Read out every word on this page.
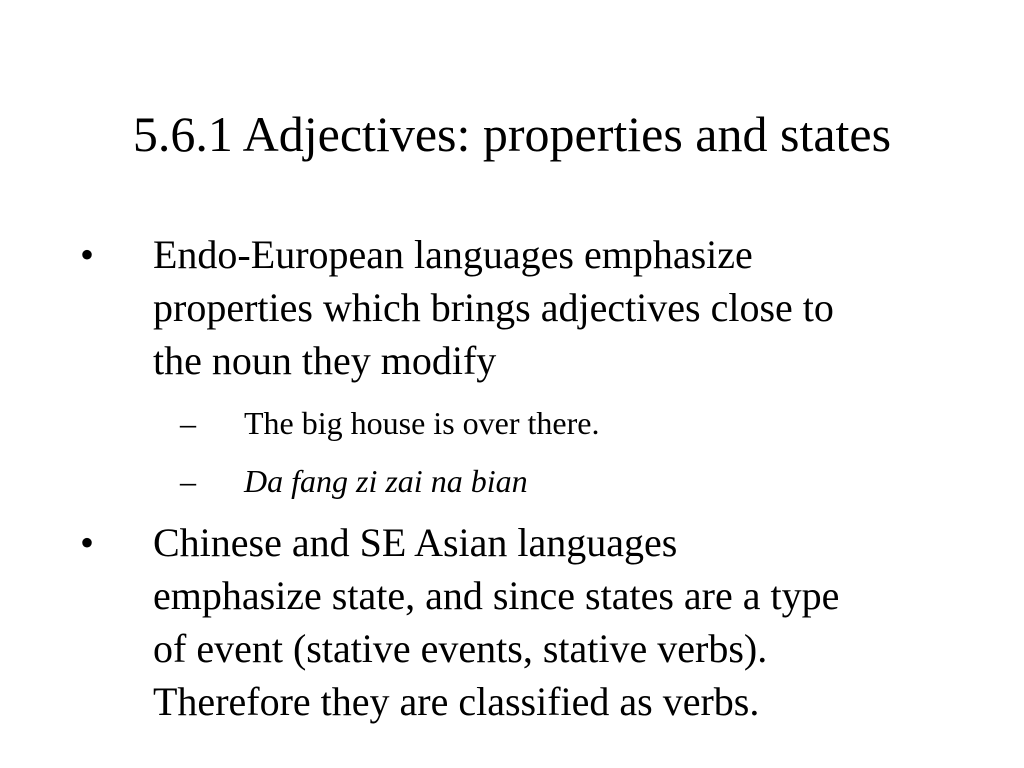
5.6.1 Adjectives: properties and states
• Endo-European languages emphasize
properties which brings adjectives close to
the noun they modify
– The big house is over there.
– Da fang zi zai na bian
• Chinese and SE Asian languages
emphasize state, and since states are a type
of event (stative events, stative verbs).
Therefore they are classified as verbs.
